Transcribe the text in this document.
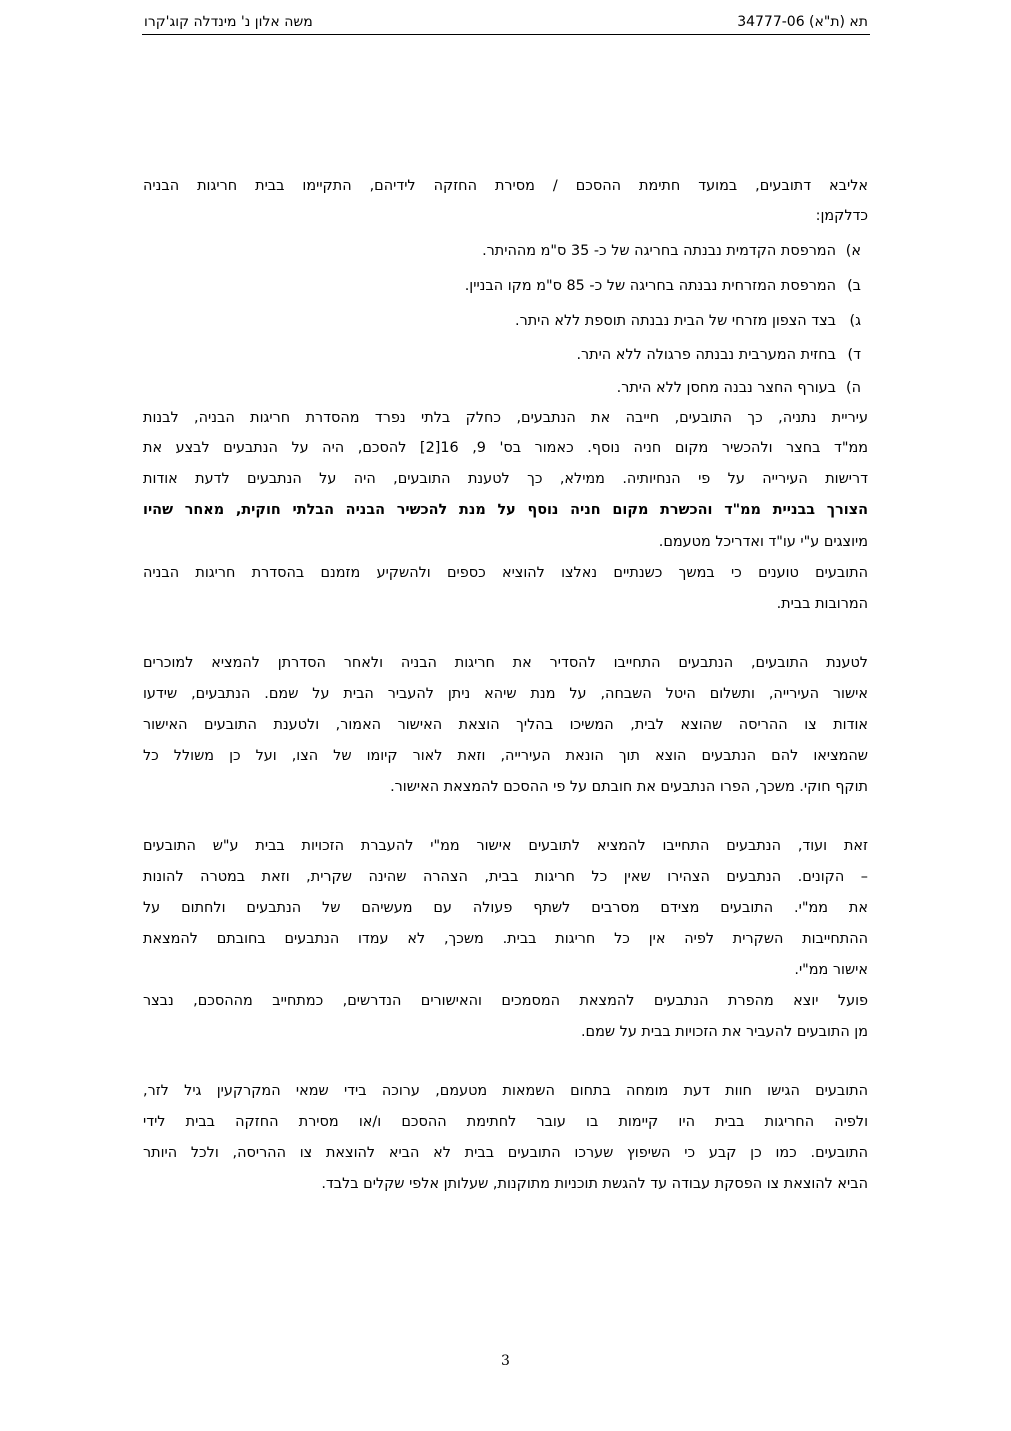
תא (ת"א) 34777-06
משה אלון נ' מינדלה קוג'קרו
אליבא דתובעים, במועד חתימת ההסכם / מסירת החזקה לידיהם, התקיימו בבית חריגות הבניה
כדלקמן:
א)
המרפסת הקדמית נבנתה בחריגה של כ- 35 ס"מ מההיתר.
ב)
המרפסת המזרחית נבנתה בחריגה של כ- 85 ס"מ מקו הבניין.
ג)
בצד הצפון מזרחי של הבית נבנתה תוספת ללא היתר.
ד)
בחזית המערבית נבנתה פרגולה ללא היתר.
ה)
בעורף החצר נבנה מחסן ללא היתר.
עיריית נתניה, כך התובעים, חייבה את הנתבעים, כחלק בלתי נפרד מהסדרת חריגות הבניה, לבנות
ממ"ד בחצר ולהכשיר מקום חניה נוסף. כאמור בס' 9, 16[2] להסכם, היה על הנתבעים לבצע את
דרישות העירייה על פי הנחיותיה. ממילא, כך לטענת התובעים, היה על הנתבעים לדעת אודות
הצורך בבניית ממ"ד והכשרת מקום חניה נוסף על מנת להכשיר הבניה הבלתי חוקית, מאחר שהיו
מיוצגים ע"י עו"ד ואדריכל מטעמם.
התובעים טוענים כי במשך כשנתיים נאלצו להוציא כספים ולהשקיע מזמנם בהסדרת חריגות הבניה
המרובות בבית.
לטענת התובעים, הנתבעים התחייבו להסדיר את חריגות הבניה ולאחר הסדרתן להמציא למוכרים
אישור העירייה, ותשלום היטל השבחה, על מנת שיהא ניתן להעביר הבית על שמם. הנתבעים, שידעו
אודות צו ההריסה שהוצא לבית, המשיכו בהליך הוצאת האישור האמור, ולטענת התובעים האישור
שהמציאו להם הנתבעים הוצא תוך הונאת העירייה, וזאת לאור קיומו של הצו, ועל כן משולל כל
תוקף חוקי. משכך, הפרו הנתבעים את חובתם על פי ההסכם להמצאת האישור.
זאת ועוד, הנתבעים התחייבו להמציא לתובעים אישור ממ"י להעברת הזכויות בבית ע"ש התובעים
– הקונים. הנתבעים הצהירו שאין כל חריגות בבית, הצהרה שהינה שקרית, וזאת במטרה להונות
את ממ"י. התובעים מצידם מסרבים לשתף פעולה עם מעשיהם של הנתבעים ולחתום על
ההתחייבות השקרית לפיה אין כל חריגות בבית. משכך, לא עמדו הנתבעים בחובתם להמצאת
אישור ממ"י.
פועל יוצא מהפרת הנתבעים להמצאת המסמכים והאישורים הנדרשים, כמתחייב מההסכם, נבצר
מן התובעים להעביר את הזכויות בבית על שמם.
התובעים הגישו חוות דעת מומחה בתחום השמאות מטעמם, ערוכה בידי שמאי המקרקעין גיל לזר,
ולפיה החריגות בבית היו קיימות בו עובר לחתימת ההסכם ו/או מסירת החזקה בבית לידי
התובעים. כמו כן קבע כי השיפוץ שערכו התובעים בבית לא הביא להוצאת צו ההריסה, ולכל היותר
הביא להוצאת צו הפסקת עבודה עד להגשת תוכניות מתוקנות, שעלותן אלפי שקלים בלבד.
3
